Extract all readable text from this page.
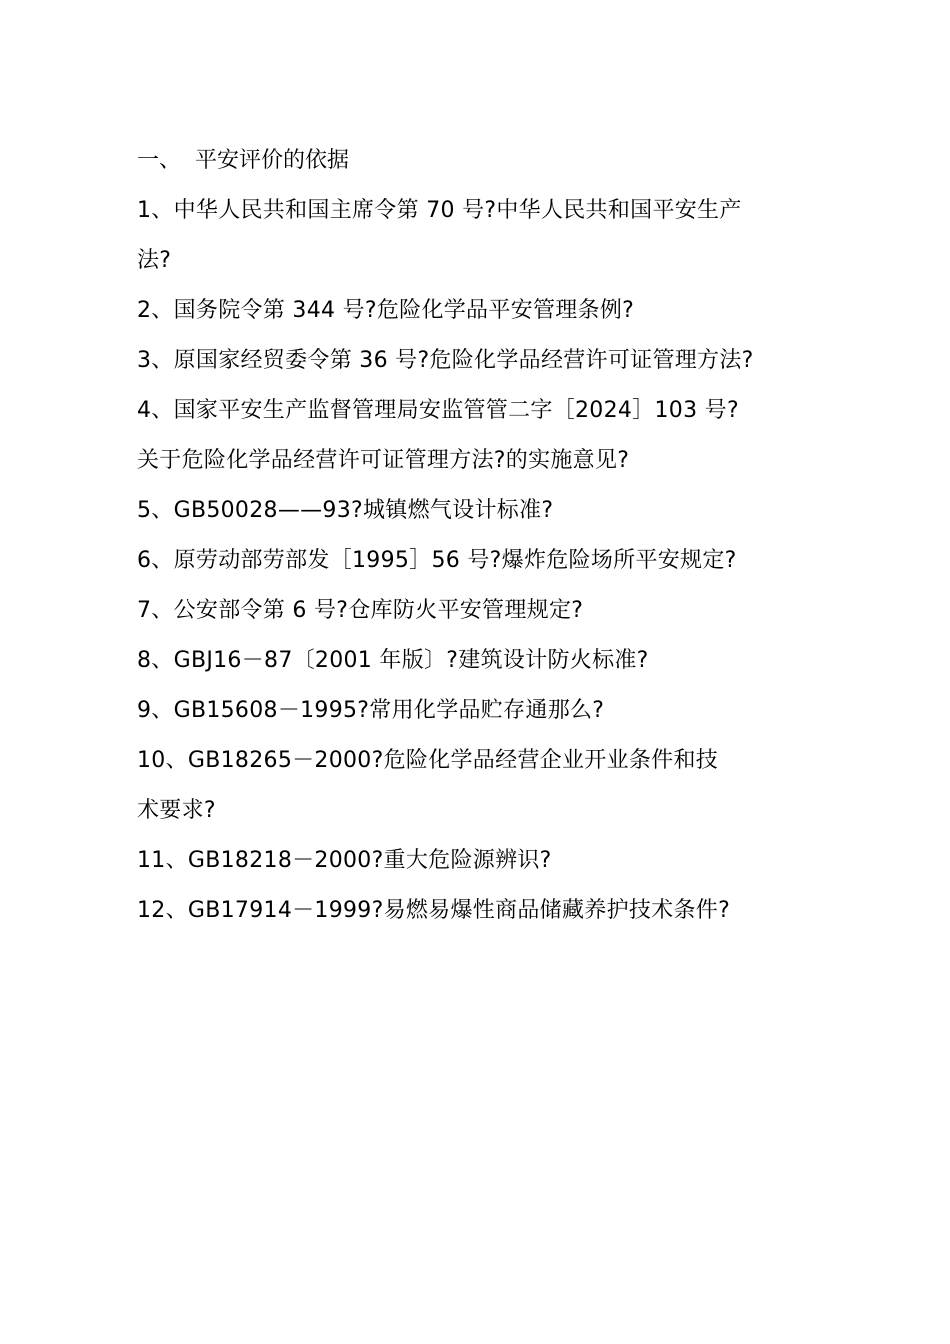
一、 平安评价的依据
1、中华人民共和国主席令第 70 号?中华人民共和国平安生产
法?
2、国务院令第 344 号?危险化学品平安管理条例?
3、原国家经贸委令第 36 号?危险化学品经营许可证管理方法?
4、国家平安生产监督管理局安监管管二字［2024］103 号?
关于危险化学品经营许可证管理方法?的实施意见?
5、GB50028——93?城镇燃气设计标准?
6、原劳动部劳部发［1995］56 号?爆炸危险场所平安规定?
7、公安部令第 6 号?仓库防火平安管理规定?
8、GBJ16－87〔2001 年版〕?建筑设计防火标准?
9、GB15608－1995?常用化学品贮存通那么?
10、GB18265－2000?危险化学品经营企业开业条件和技
术要求?
11、GB18218－2000?重大危险源辨识?
12、GB17914－1999?易燃易爆性商品储藏养护技术条件?
